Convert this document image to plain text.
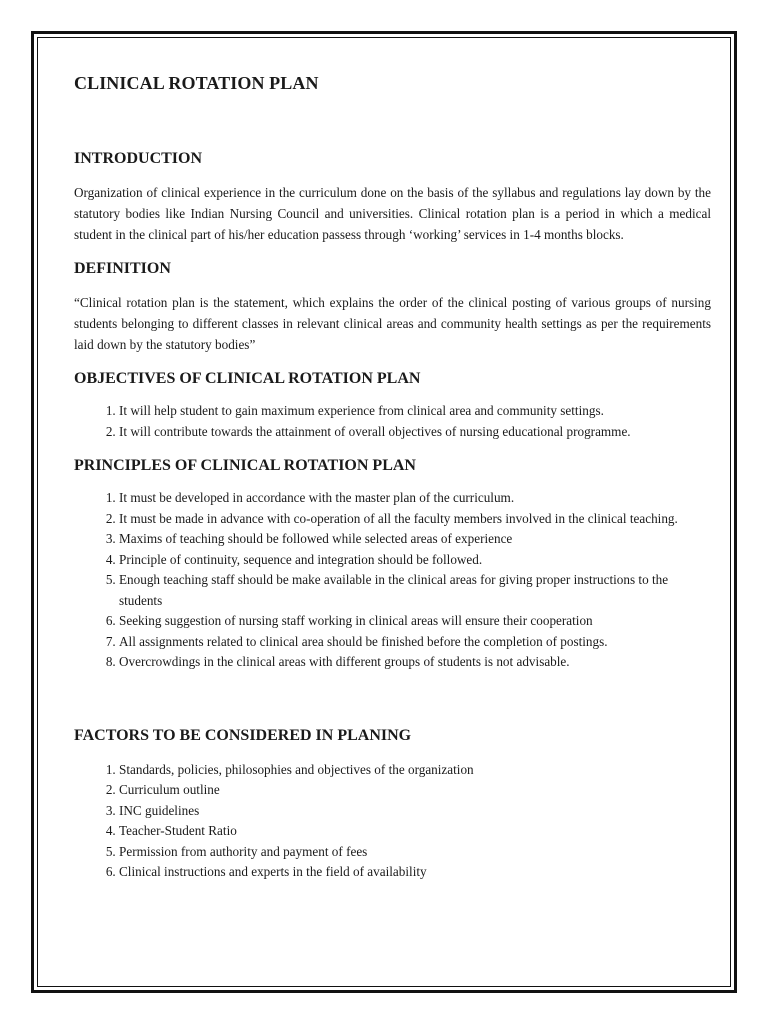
CLINICAL ROTATION PLAN
INTRODUCTION

Organization of clinical experience in the curriculum done on the basis of the syllabus and regulations lay down by the statutory bodies like Indian Nursing Council and universities. Clinical rotation plan is a period in which a medical student in the clinical part of his/her education passess through ‘working’ services in 1-4 months blocks.

DEFINITION

“Clinical rotation plan is the statement, which explains the order of the clinical posting of various groups of nursing students belonging to different classes in relevant clinical areas and community health settings as per the requirements laid down by the statutory bodies”

OBJECTIVES OF CLINICAL ROTATION PLAN
1. It will help student to gain maximum experience from clinical area and community settings.
2. It will contribute towards the attainment of overall objectives of nursing educational programme.
PRINCIPLES OF CLINICAL ROTATION PLAN
1. It must be developed in accordance with the master plan of the curriculum.
2. It must be made in advance with co-operation of all the faculty members involved in the clinical teaching.
3. Maxims of teaching should be followed while selected areas of experience
4. Principle of continuity, sequence and integration should be followed.
5. Enough teaching staff should be make available in the clinical areas for giving proper instructions to the students
6. Seeking suggestion of nursing staff working in clinical areas will ensure their cooperation
7. All assignments related to clinical area should be finished before the completion of postings.
8. Overcrowdings in the clinical areas with different groups of students is not advisable.
FACTORS TO BE CONSIDERED IN PLANING
1. Standards, policies, philosophies and objectives of the organization
2. Curriculum outline
3. INC guidelines
4. Teacher-Student Ratio
5. Permission from authority and payment of fees
6. Clinical instructions and experts in the field of availability
